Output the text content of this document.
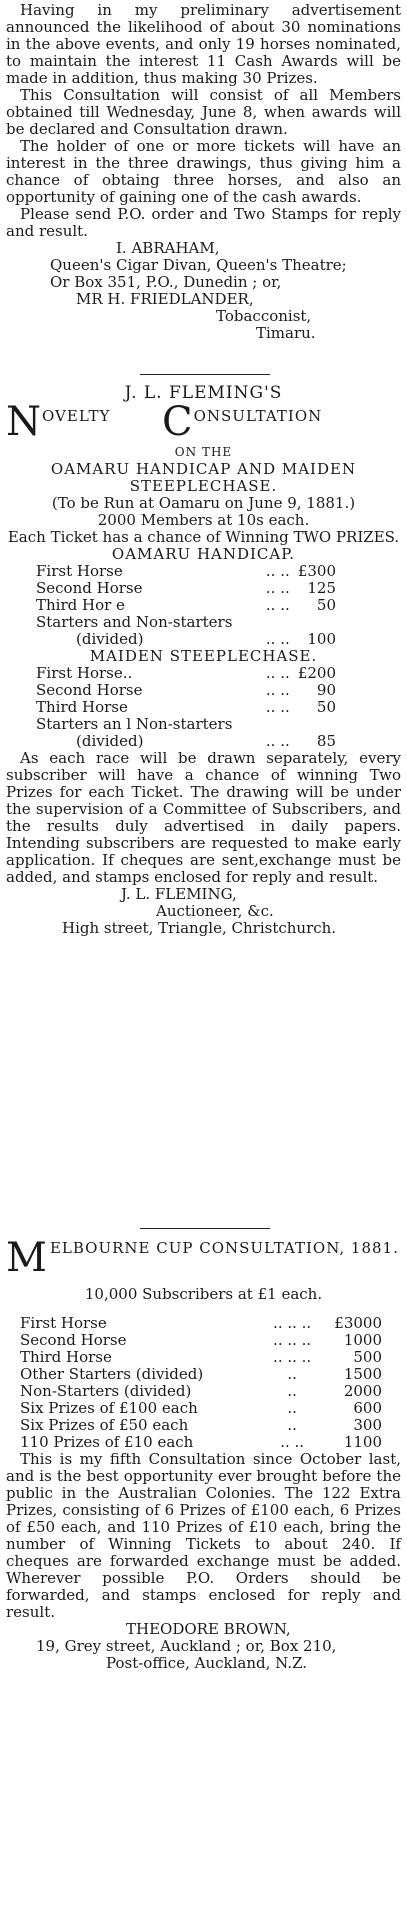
Having in my preliminary advertisement announced the likelihood of about 30 nominations in the above events, and only 19 horses nominated, to maintain the interest 11 Cash Awards will be made in addition, thus making 30 Prizes.
This Consultation will consist of all Members obtained till Wednesday, June 8, when awards will be declared and Consultation drawn.
The holder of one or more tickets will have an interest in the three drawings, thus giving him a chance of obtaing three horses, and also an opportunity of gaining one of the cash awards.
Please send P.O. order and Two Stamps for reply and result.
I. ABRAHAM,
Queen's Cigar Divan, Queen's Theatre;
Or Box 351, P.O., Dunedin ; or,
MR H. FRIEDLANDER,
Tobacconist,
Timaru.
J. L. FLEMING'S
NOVELTY CONSULTATION
ON THE
OAMARU HANDICAP AND MAIDEN STEEPLECHASE.
(To be Run at Oamaru on June 9, 1881.)
2000 Members at 10s each.
Each Ticket has a chance of Winning TWO PRIZES.
OAMARU HANDICAP.
First Horse	.. ..	£300
Second Horse	.. ..	125
Third Hor e	.. ..	50
Starters and Non-starters		
(divided)	.. ..	100
MAIDEN STEEPLECHASE.
First Horse..	.. ..	£200
Second Horse	.. ..	90
Third Horse	.. ..	50
Starters an l Non-starters		
(divided)	.. ..	85
As each race will be drawn separately, every subscriber will have a chance of winning Two Prizes for each Ticket. The drawing will be under the supervision of a Committee of Subscribers, and the results duly advertised in daily papers. Intending subscribers are requested to make early application. If cheques are sent,exchange must be added, and stamps enclosed for reply and result.
J. L. FLEMING,
Auctioneer, &c.
High street, Triangle, Christchurch.
MELBOURNE CUP CONSULTATION, 1881.
10,000 Subscribers at £1 each.
First Horse	.. .. ..	£3000
Second Horse	.. .. ..	1000
Third Horse	.. .. ..	500
Other Starters (divided)	..	1500
Non-Starters (divided)	..	2000
Six Prizes of £100 each	..	600
Six Prizes of £50 each	..	300
110 Prizes of £10 each	.. ..	1100
This is my fifth Consultation since October last, and is the best opportunity ever brought before the public in the Australian Colonies. The 122 Extra Prizes, consisting of 6 Prizes of £100 each, 6 Prizes of £50 each, and 110 Prizes of £10 each, bring the number of Winning Tickets to about 240. If cheques are forwarded exchange must be added. Wherever possible P.O. Orders should be forwarded, and stamps enclosed for reply and result.
THEODORE BROWN,
19, Grey street, Auckland ; or, Box 210,
Post-office, Auckland, N.Z.
